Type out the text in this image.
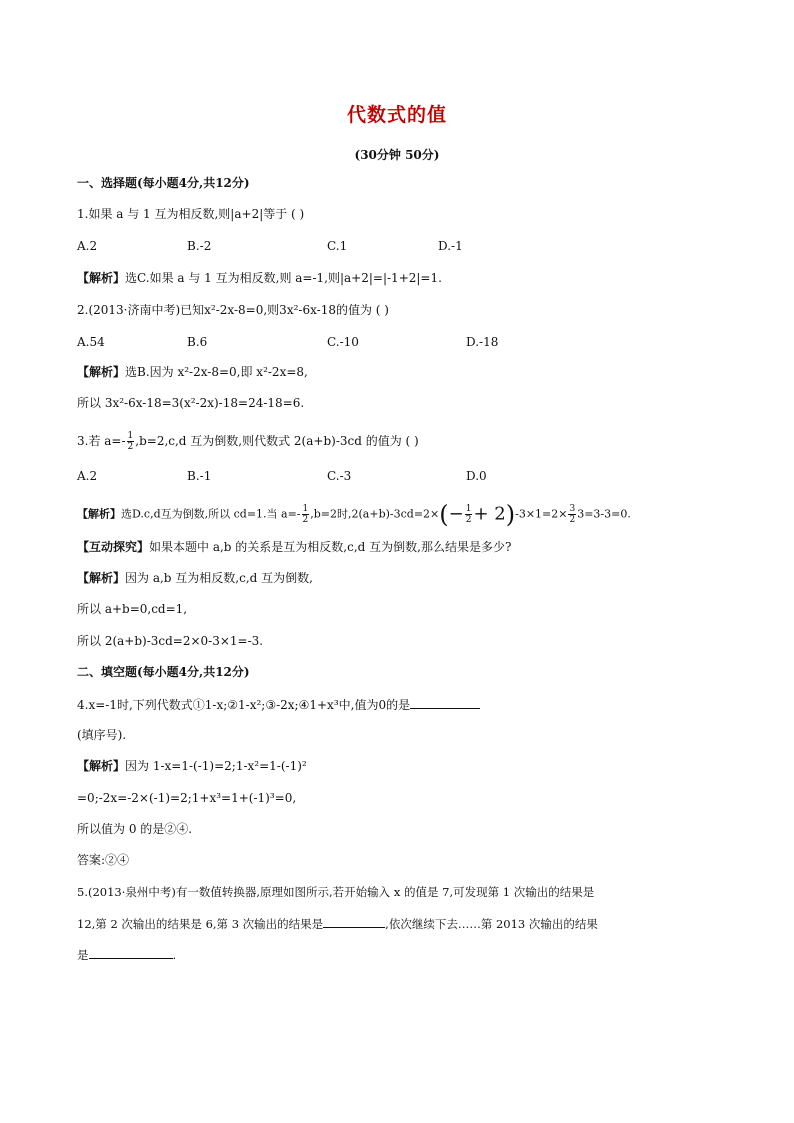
代数式的值
(30分钟 50分)
一、选择题(每小题4分,共12分)
1.如果 a 与 1 互为相反数,则|a+2|等于 ( )
A.2	B.-2	C.1	D.-1
【解析】选C.如果 a 与 1 互为相反数,则 a=-1,则|a+2|=|-1+2|=1.
2.(2013·济南中考)已知x²-2x-8=0,则3x²-6x-18的值为 ( )
A.54	B.6	C.-10	D.-18
【解析】选B.因为 x²-2x-8=0,即 x²-2x=8,
所以 3x²-6x-18=3(x²-2x)-18=24-18=6.
3.若 $a=- \frac{1}{2} ,b=2,c,d$ 互为倒数,则代数式 2(a+b)-3cd 的值为 ( )
A.2	B.-1	C.-3	D.0
【解析】选D.c,d互为倒数,所以 cd=1.当 $a=- \frac{1}{2} ,b=2$时$,2(a+b)-3cd=2\times(- \frac{1}{2} + 2)-3\times 1=2\times \frac{3}{2} 3=3-3=0$.
【互动探究】如果本题中 a,b 的关系是互为相反数,c,d 互为倒数,那么结果是多少?
【解析】因为 a,b 互为相反数,c,d 互为倒数,
所以 a+b=0,cd=1,
所以 2(a+b)-3cd=2×0-3×1=-3.
二、填空题(每小题4分,共12分)
4.x=-1时,下列代数式①1-x;②1-x²;③-2x;④1+x³中,值为0的是
(填序号).
【解析】因为 1-x=1-(-1)=2;1-x²=1-(-1)²
=0;-2x=-2×(-1)=2;1+x³=1+(-1)³=0,
所以值为 0 的是②④.
答案:②④
5.(2013·泉州中考)有一数值转换器,原理如图所示,若开始输入 x 的值是 7,可发现第 1 次输出的结果是
12,第 2 次输出的结果是 6,第 3 次输出的结果是	,依次继续下去……第 2013 次输出的结果
是	.
